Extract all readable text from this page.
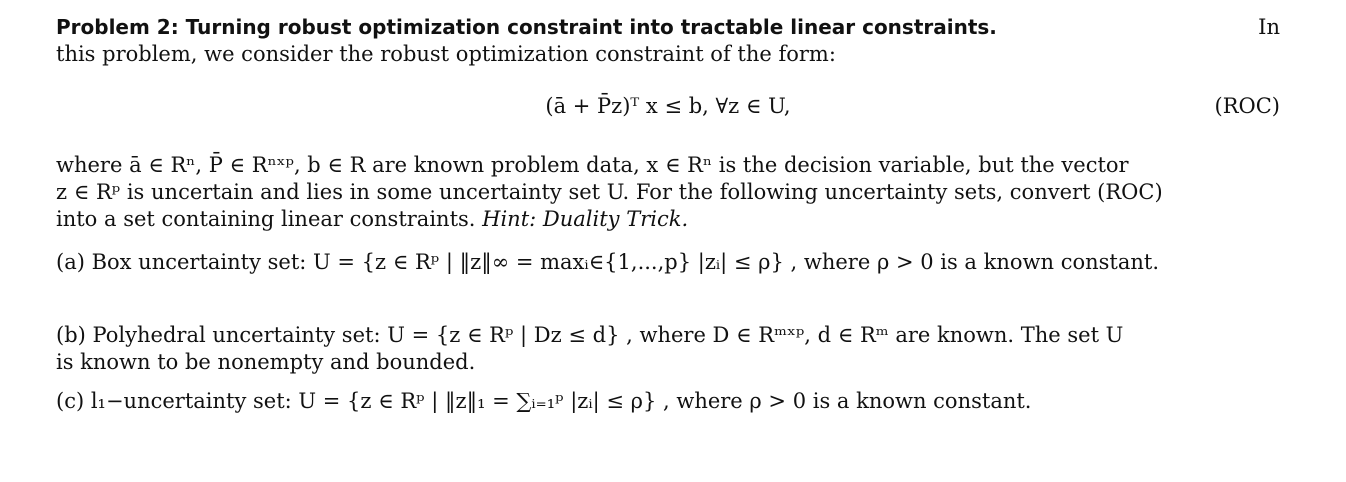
Problem 2: Turning robust optimization constraint into tractable linear constraints.	In

this problem, we consider the robust optimization constraint of the form:

(ā + P̄z)ᵀ x ≤ b, ∀z ∈ U,	(ROC)

where ā ∈ Rⁿ, P̄ ∈ Rⁿˣᵖ, b ∈ R are known problem data, x ∈ Rⁿ is the decision variable, but the vector

z ∈ Rᵖ is uncertain and lies in some uncertainty set U. For the following uncertainty sets, convert (ROC)

into a set containing linear constraints. Hint: Duality Trick.

(a) Box uncertainty set: U = {z ∈ Rᵖ | ‖z‖∞ = maxᵢ∈{1,...,p} |zᵢ| ≤ ρ} , where ρ > 0 is a known constant.

(b) Polyhedral uncertainty set: U = {z ∈ Rᵖ | Dz ≤ d} , where D ∈ Rᵐˣᵖ, d ∈ Rᵐ are known. The set U

is known to be nonempty and bounded.

(c) l₁−uncertainty set: U = {z ∈ Rᵖ | ‖z‖₁ = ∑ᵢ₌₁ᵖ |zᵢ| ≤ ρ} , where ρ > 0 is a known constant.
